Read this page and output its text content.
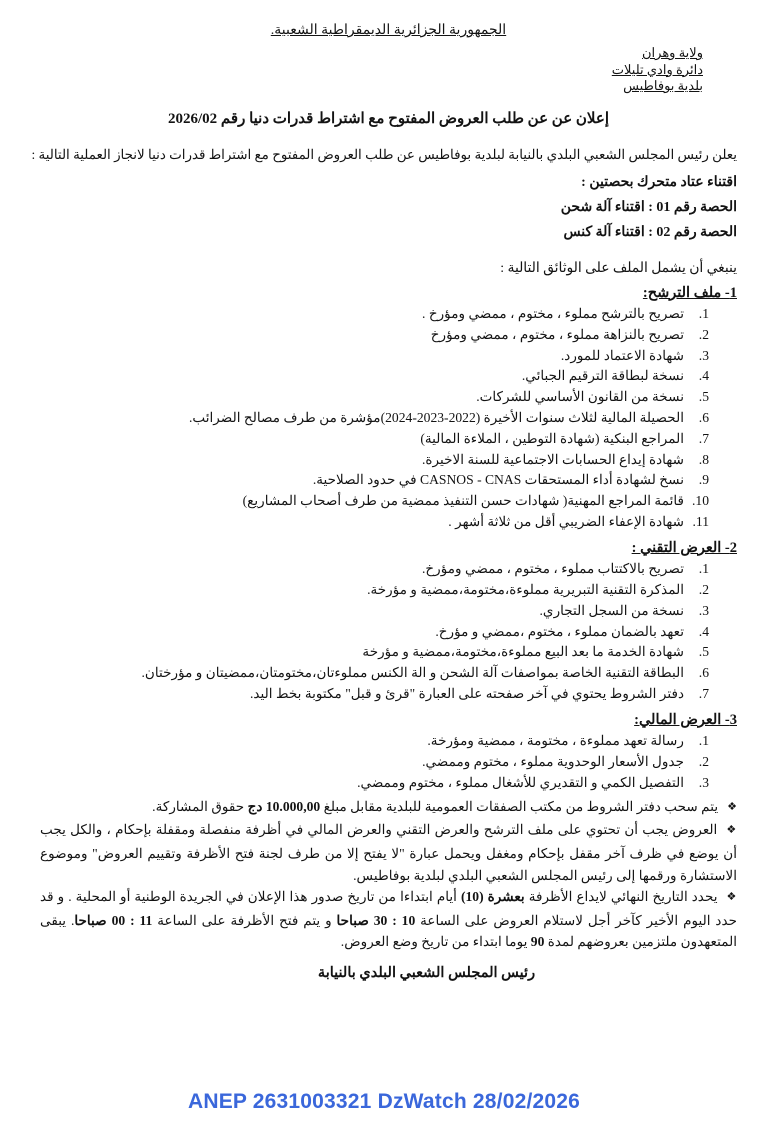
الجمهورية الجزائرية الديمقراطية الشعبية.
ولاية وهران
دائرة وادي تليلات
بلدية بوفاطيس
إعلان عن عن طلب العروض المفتوح مع اشتراط قدرات دنيا رقم 2026/02
يعلن رئيس المجلس الشعبي البلدي بالنيابة لبلدية بوفاطيس عن طلب العروض المفتوح مع اشتراط قدرات دنيا لانجاز العملية التالية :
اقتناء عتاد متحرك بحصتين :
الحصة رقم 01 : اقتناء آلة شحن
الحصة رقم 02 : اقتناء آلة كنس
ينبغي أن يشمل الملف على الوثائق التالية :
1- ملف الترشح:
1.
تصريح بالترشح مملوء ، مختوم ، ممضي ومؤرخ .
2.
تصريح بالنزاهة مملوء ، مختوم ، ممضي ومؤرخ
3.
شهادة الاعتماد للمورد.
4.
نسخة لبطاقة الترقيم الجبائي.
5.
نسخة من القانون الأساسي للشركات.
6.
الحصيلة المالية لثلاث سنوات الأخيرة (2022-2023-2024)مؤشرة من طرف مصالح الضرائب.
7.
المراجع البنكية (شهادة التوطين ، الملاءة المالية)
8.
شهادة إيداع الحسابات الاجتماعية للسنة الاخيرة.
9.
نسخ لشهادة أداء المستحقات CASNOS - CNAS في حدود الصلاحية.
10.
قائمة المراجع المهنية( شهادات حسن التنفيذ ممضية من طرف أصحاب المشاريع)
11.
شهادة الإعفاء الضريبي أقل من ثلاثة أشهر .
2- العرض التقني :
1.
تصريح بالاكتتاب مملوء ، مختوم ، ممضي ومؤرخ.
2.
المذكرة التقنية التبريرية مملوءة،مختومة،ممضية و مؤرخة.
3.
نسخة من السجل التجاري.
4.
تعهد بالضمان مملوء ، مختوم ،ممضي و مؤرخ.
5.
شهادة الخدمة ما بعد البيع مملوءة،مختومة،ممضية و مؤرخة
6.
البطاقة التقنية الخاصة بمواصفات آلة الشحن و الة الكنس مملوءتان،مختومتان،ممضيتان و مؤرختان.
7.
دفتر الشروط يحتوي في آخر صفحته على العبارة "قرئ و قبل" مكتوبة بخط اليد.
3- العرض المالي:
1.
رسالة تعهد مملوءة ، مختومة ، ممضية ومؤرخة.
2.
جدول الأسعار الوحدوية مملوء ، مختوم وممضي.
3.
التفصيل الكمي و التقديري للأشغال مملوء ، مختوم وممضي.

❖يتم سحب دفتر الشروط من مكتب الصفقات العمومية للبلدية مقابل مبلغ 10.000,00 دج حقوق المشاركة.

❖العروض يجب أن تحتوي على ملف الترشح والعرض التقني والعرض المالي في أظرفة منفصلة ومقفلة بإحكام ، والكل يجب أن يوضع في ظرف آخر مقفل بإحكام ومغفل ويحمل عبارة "لا يفتح إلا من طرف لجنة فتح الأظرفة وتقييم العروض" وموضوع الاستشارة ورقمها إلى رئيس المجلس الشعبي البلدي لبلدية بوفاطيس.

❖يحدد التاريخ النهائي لايداع الأظرفة بعشرة (10) أيام ابتداءا من تاريخ صدور هذا الإعلان في الجريدة الوطنية أو المحلية . و قد حدد اليوم الأخير كآخر أجل لاستلام العروض على الساعة 10 : 30 صباحا و يتم فتح الأظرفة على الساعة 11 : 00 صباحا. يبقى المتعهدون ملتزمين بعروضهم لمدة 90 يوما ابتداء من تاريخ وضع العروض.

رئيس المجلس الشعبي البلدي بالنيابة
ANEP 2631003321 DzWatch 28/02/2026
